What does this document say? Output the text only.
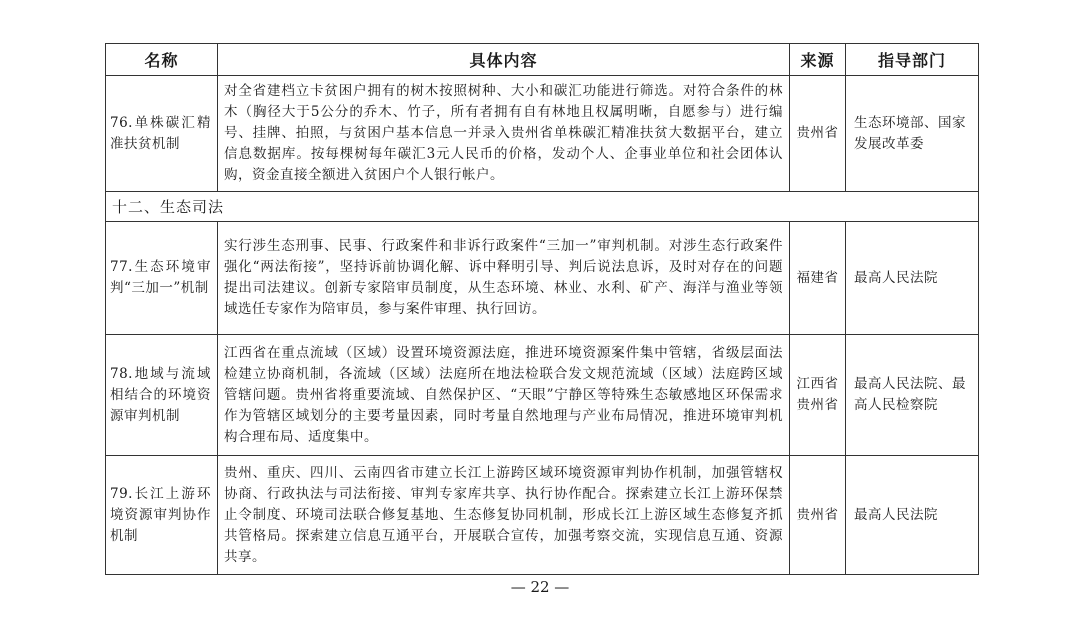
名称	具体内容	来源	指导部门
76.单株碳汇精准扶贫机制	对全省建档立卡贫困户拥有的树木按照树种、大小和碳汇功能进行筛选。对符合条件的林木（胸径大于5公分的乔木、竹子，所有者拥有自有林地且权属明晰，自愿参与）进行编号、挂牌、拍照，与贫困户基本信息一并录入贵州省单株碳汇精准扶贫大数据平台，建立信息数据库。按每棵树每年碳汇3元人民币的价格，发动个人、企事业单位和社会团体认购，资金直接全额进入贫困户个人银行帐户。	贵州省	生态环境部、国家发展改革委
十二、生态司法			
77.生态环境审判“三加一”机制	实行涉生态刑事、民事、行政案件和非诉行政案件“三加一”审判机制。对涉生态行政案件强化“两法衔接”，坚持诉前协调化解、诉中释明引导、判后说法息诉，及时对存在的问题提出司法建议。创新专家陪审员制度，从生态环境、林业、水利、矿产、海洋与渔业等领域选任专家作为陪审员，参与案件审理、执行回访。	福建省	最高人民法院
78.地域与流域相结合的环境资源审判机制	江西省在重点流域（区域）设置环境资源法庭，推进环境资源案件集中管辖，省级层面法检建立协商机制，各流域（区域）法庭所在地法检联合发文规范流域（区域）法庭跨区域管辖问题。贵州省将重要流域、自然保护区、“天眼”宁静区等特殊生态敏感地区环保需求作为管辖区域划分的主要考量因素，同时考量自然地理与产业布局情况，推进环境审判机构合理布局、适度集中。	江西省贵州省	最高人民法院、最高人民检察院
79.长江上游环境资源审判协作机制	贵州、重庆、四川、云南四省市建立长江上游跨区域环境资源审判协作机制，加强管辖权协商、行政执法与司法衔接、审判专家库共享、执行协作配合。探索建立长江上游环保禁止令制度、环境司法联合修复基地、生态修复协同机制，形成长江上游区域生态修复齐抓共管格局。探索建立信息互通平台，开展联合宣传，加强考察交流，实现信息互通、资源共享。	贵州省	最高人民法院
— 22 —
